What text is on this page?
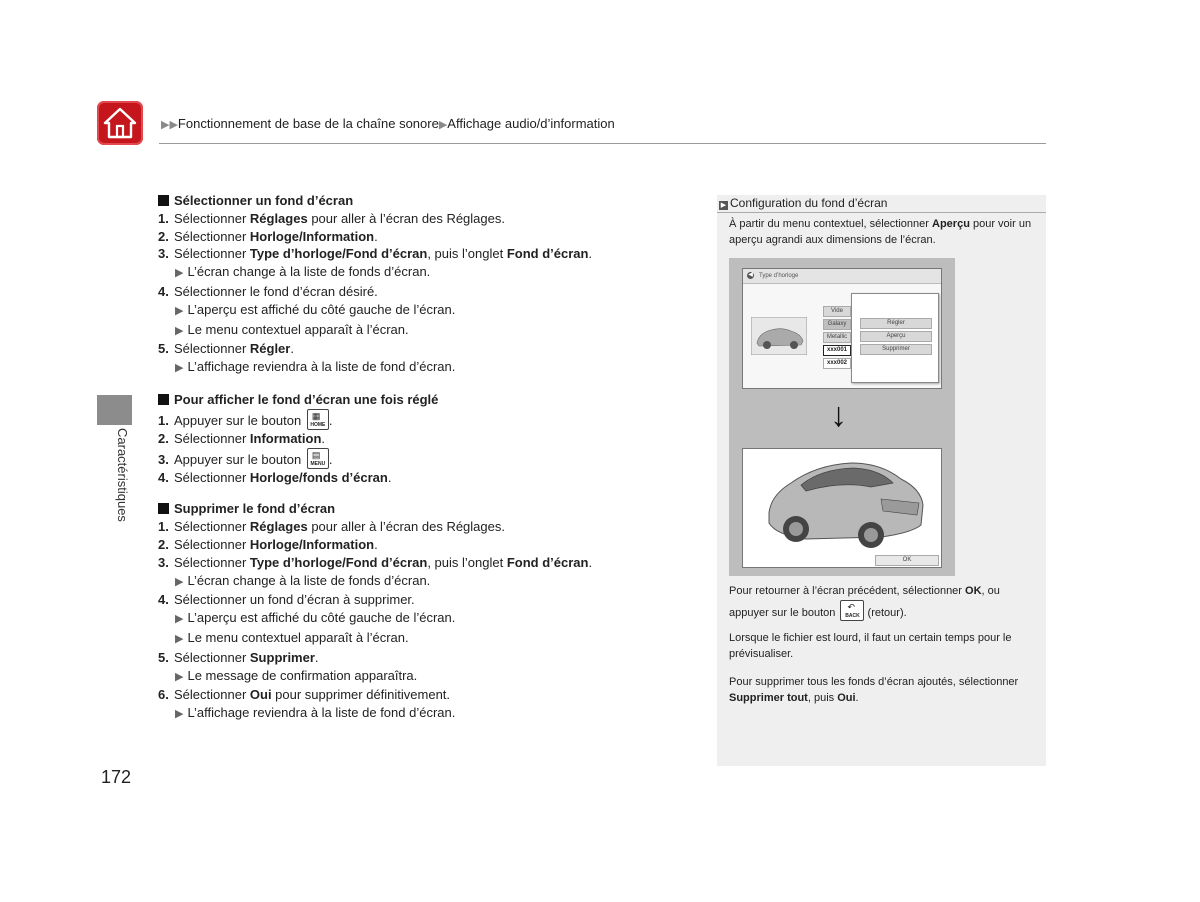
▶▶Fonctionnement de base de la chaîne sonore▶Affichage audio/d’information
Caractéristiques
172
Sélectionner un fond d’écran
1. Sélectionner Réglages pour aller à l’écran des Réglages.
2. Sélectionner Horloge/Information.
3. Sélectionner Type d’horloge/Fond d’écran, puis l’onglet Fond d’écran.
▶ L’écran change à la liste de fonds d’écran.
4. Sélectionner le fond d’écran désiré.
▶ L’aperçu est affiché du côté gauche de l’écran.
▶ Le menu contextuel apparaît à l’écran.
5. Sélectionner Régler.
▶ L’affichage reviendra à la liste de fond d’écran.
Pour afficher le fond d’écran une fois réglé
1. Appuyer sur le bouton ▦
HOME .
2. Sélectionner Information.
3. Appuyer sur le bouton ▤
MENU .
4. Sélectionner Horloge/fonds d’écran.
Supprimer le fond d’écran
1. Sélectionner Réglages pour aller à l’écran des Réglages.
2. Sélectionner Horloge/Information.
3. Sélectionner Type d’horloge/Fond d’écran, puis l’onglet Fond d’écran.
▶ L’écran change à la liste de fonds d’écran.
4. Sélectionner un fond d’écran à supprimer.
▶ L’aperçu est affiché du côté gauche de l’écran.
▶ Le menu contextuel apparaît à l’écran.
5. Sélectionner Supprimer.
▶ Le message de confirmation apparaîtra.
6. Sélectionner Oui pour supprimer définitivement.
▶ L’affichage reviendra à la liste de fond d’écran.
▶ Configuration du fond d’écran
À partir du menu contextuel, sélectionner Aperçu pour voir un aperçu agrandi aux dimensions de l’écran.
◀ Type d’horloge
Vide
Galaxy
Metallic
xxx001
xxx002
Régler
Aperçu
Supprimer
↓
OK
Pour retourner à l’écran précédent, sélectionner OK, ou appuyer sur le bouton ↶
BACK (retour).
Lorsque le fichier est lourd, il faut un certain temps pour le prévisualiser.
Pour supprimer tous les fonds d’écran ajoutés, sélectionner Supprimer tout, puis Oui.
